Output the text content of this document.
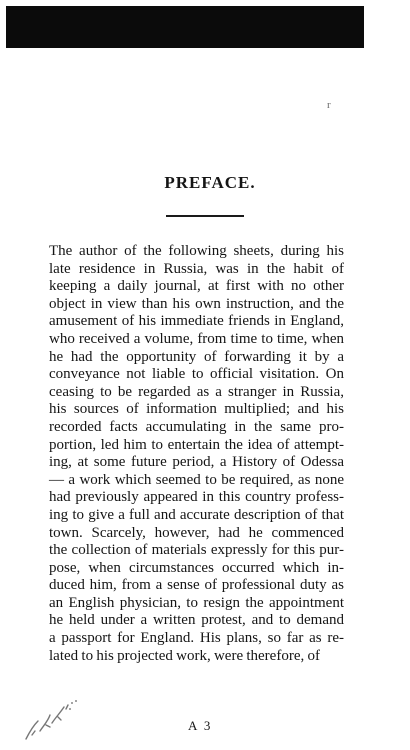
r
PREFACE.

The author of the following sheets, during his
late residence in Russia, was in the habit of
keeping a daily journal, at first with no other
object in view than his own instruction, and the
amusement of his immediate friends in England,
who received a volume, from time to time, when
he had the opportunity of forwarding it by a
conveyance not liable to official visitation. On
ceasing to be regarded as a stranger in Russia,
his sources of information multiplied; and his
recorded facts accumulating in the same pro-
portion, led him to entertain the idea of attempt-
ing, at some future period, a History of Odessa
— a work which seemed to be required, as none
had previously appeared in this country profess-
ing to give a full and accurate description of that
town. Scarcely, however, had he commenced
the collection of materials expressly for this pur-
pose, when circumstances occurred which in-
duced him, from a sense of professional duty as
an English physician, to resign the appointment
he held under a written protest, and to demand
a passport for England. His plans, so far as re-
lated to his projected work, were therefore, of

A 3
